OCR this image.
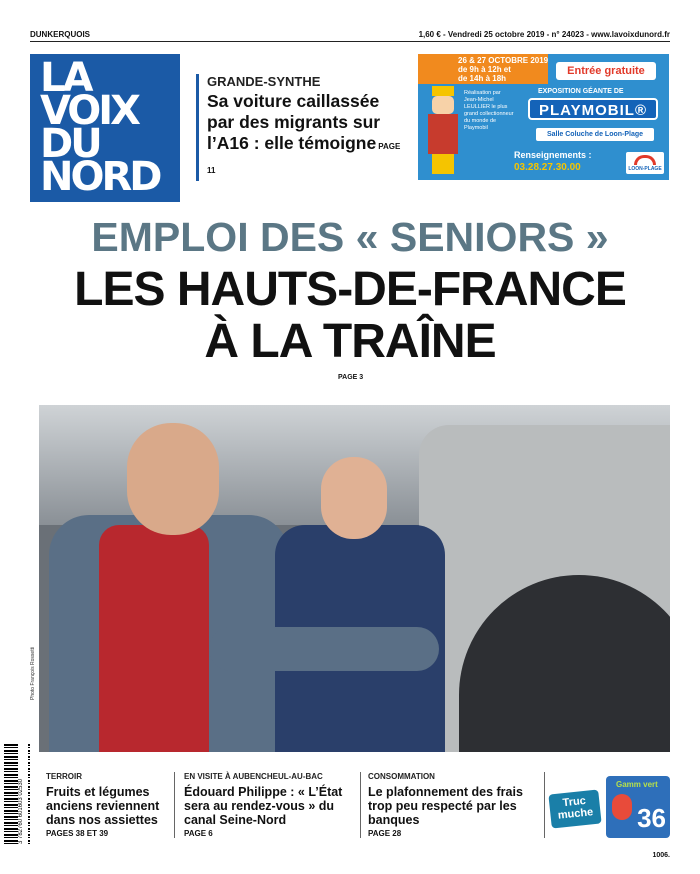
DUNKERQUOIS	1,60 € - Vendredi 25 octobre 2019 - n° 24023 - www.lavoixdunord.fr
LA
VOIX
DU
NORD
GRANDE-SYNTHE
Sa voiture caillassée par des migrants sur l’A16 : elle témoigne PAGE 11
26 & 27 OCTOBRE 2019
de 9h à 12h et
de 14h à 18h
Entrée gratuite
Réalisation par Jean-Michel LEULLIER le plus grand collectionneur du monde de Playmobil
EXPOSITION GÉANTE DE
PLAYMOBIL®
Salle Coluche de Loon-Plage
Renseignements :
03.28.27.30.00	LOON-PLAGE
EMPLOI DES « SENIORS »
LES HAUTS-DE-FRANCE
À LA TRAÎNE
PAGE 3
Photo François Rossetti
3 782760 601603 02530
TERROIR
Fruits et légumes anciens reviennent dans nos assiettes
PAGES 38 ET 39
EN VISITE À AUBENCHEUL-AU-BAC
Édouard Philippe : « L’État sera au rendez-vous » du canal Seine-Nord
PAGE 6
CONSOMMATION
Le plafonnement des frais trop peu respecté par les banques
PAGE 28
Truc muche
Gamm vert
36
1006.
